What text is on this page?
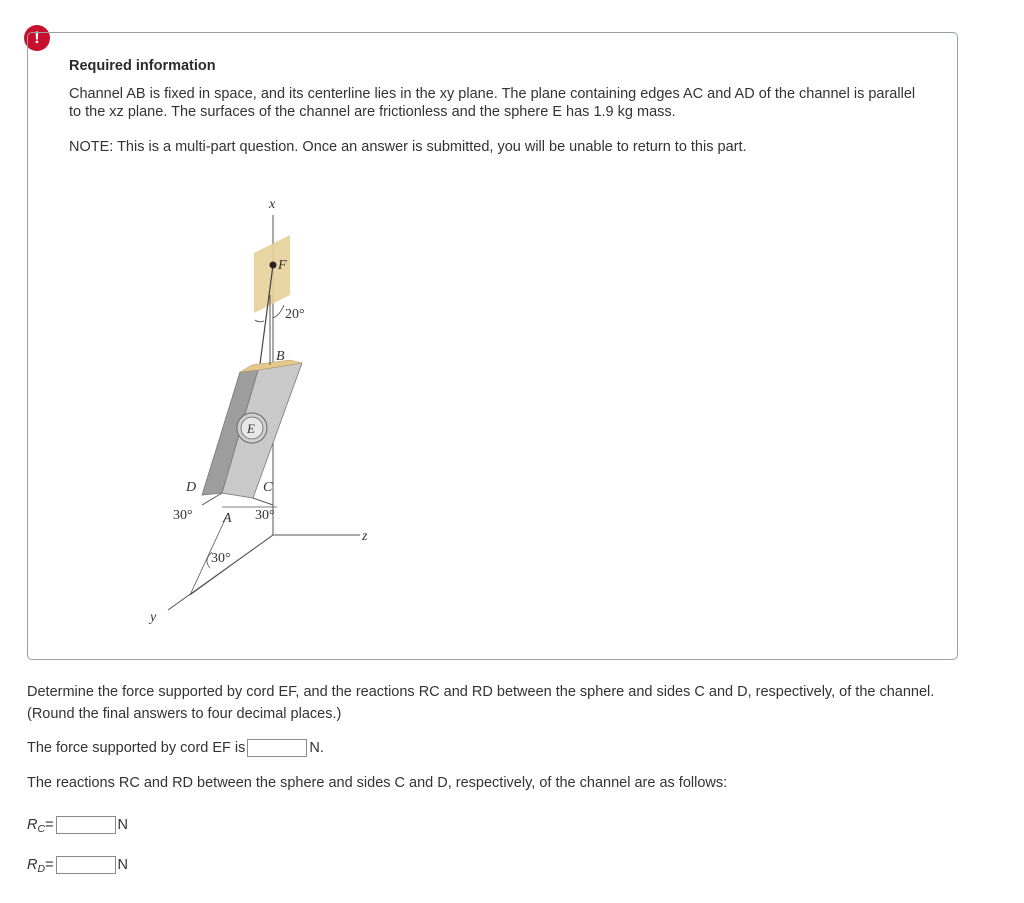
!
Required information
Channel AB is fixed in space, and its centerline lies in the xy plane. The plane containing edges AC and AD of the channel is parallel to the xz plane. The surfaces of the channel are frictionless and the sphere E has 1.9 kg mass.
NOTE: This is a multi-part question. Once an answer is submitted, you will be unable to return to this part.
x
F
20°
B
E
D	C
30° A 30°
30°
z
y
Determine the force supported by cord EF, and the reactions RC and RD between the sphere and sides C and D, respectively, of the channel. (Round the final answers to four decimal places.)
The force supported by cord EF is	N.
The reactions RC and RD between the sphere and sides C and D, respectively, of the channel are as follows:
R C =	N
R D =	N
